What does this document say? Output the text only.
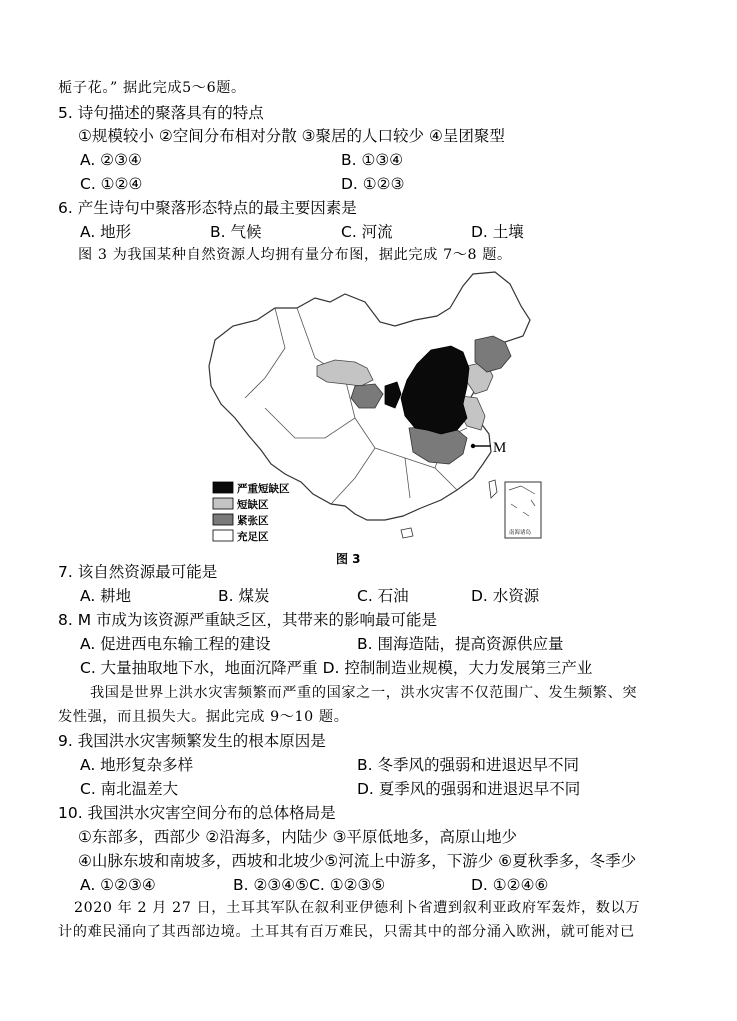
栀子花。” 据此完成5～6题。
5. 诗句描述的聚落具有的特点
①规模较小 ②空间分布相对分散 ③聚居的人口较少 ④呈团聚型
A. ②③④	B. ①③④
C. ①②④	D. ①②③
6. 产生诗句中聚落形态特点的最主要因素是
A. 地形	B. 气候	C. 河流	D. 土壤
图 3 为我国某种自然资源人均拥有量分布图，据此完成 7～8 题。
M
南海诸岛
严重短缺区
短缺区
紧张区
充足区
图 3
7. 该自然资源最可能是
A. 耕地	B. 煤炭	C. 石油	D. 水资源
8. M 市成为该资源严重缺乏区，其带来的影响最可能是
A. 促进西电东输工程的建设	B. 围海造陆，提高资源供应量
C. 大量抽取地下水，地面沉降严重 D. 控制制造业规模，大力发展第三产业
我国是世界上洪水灾害频繁而严重的国家之一，洪水灾害不仅范围广、发生频繁、突
发性强，而且损失大。据此完成 9～10 题。
9. 我国洪水灾害频繁发生的根本原因是
A. 地形复杂多样	B. 冬季风的强弱和进退迟早不同
C. 南北温差大	D. 夏季风的强弱和进退迟早不同
10. 我国洪水灾害空间分布的总体格局是
①东部多，西部少 ②沿海多，内陆少 ③平原低地多，高原山地少
④山脉东坡和南坡多，西坡和北坡少⑤河流上中游多，下游少 ⑥夏秋季多，冬季少
A. ①②③④	B. ②③④⑤C. ①②③⑤	D. ①②④⑥
2020 年 2 月 27 日，土耳其军队在叙利亚伊德利卜省遭到叙利亚政府军轰炸，数以万
计的难民涌向了其西部边境。土耳其有百万难民，只需其中的部分涌入欧洲，就可能对已
